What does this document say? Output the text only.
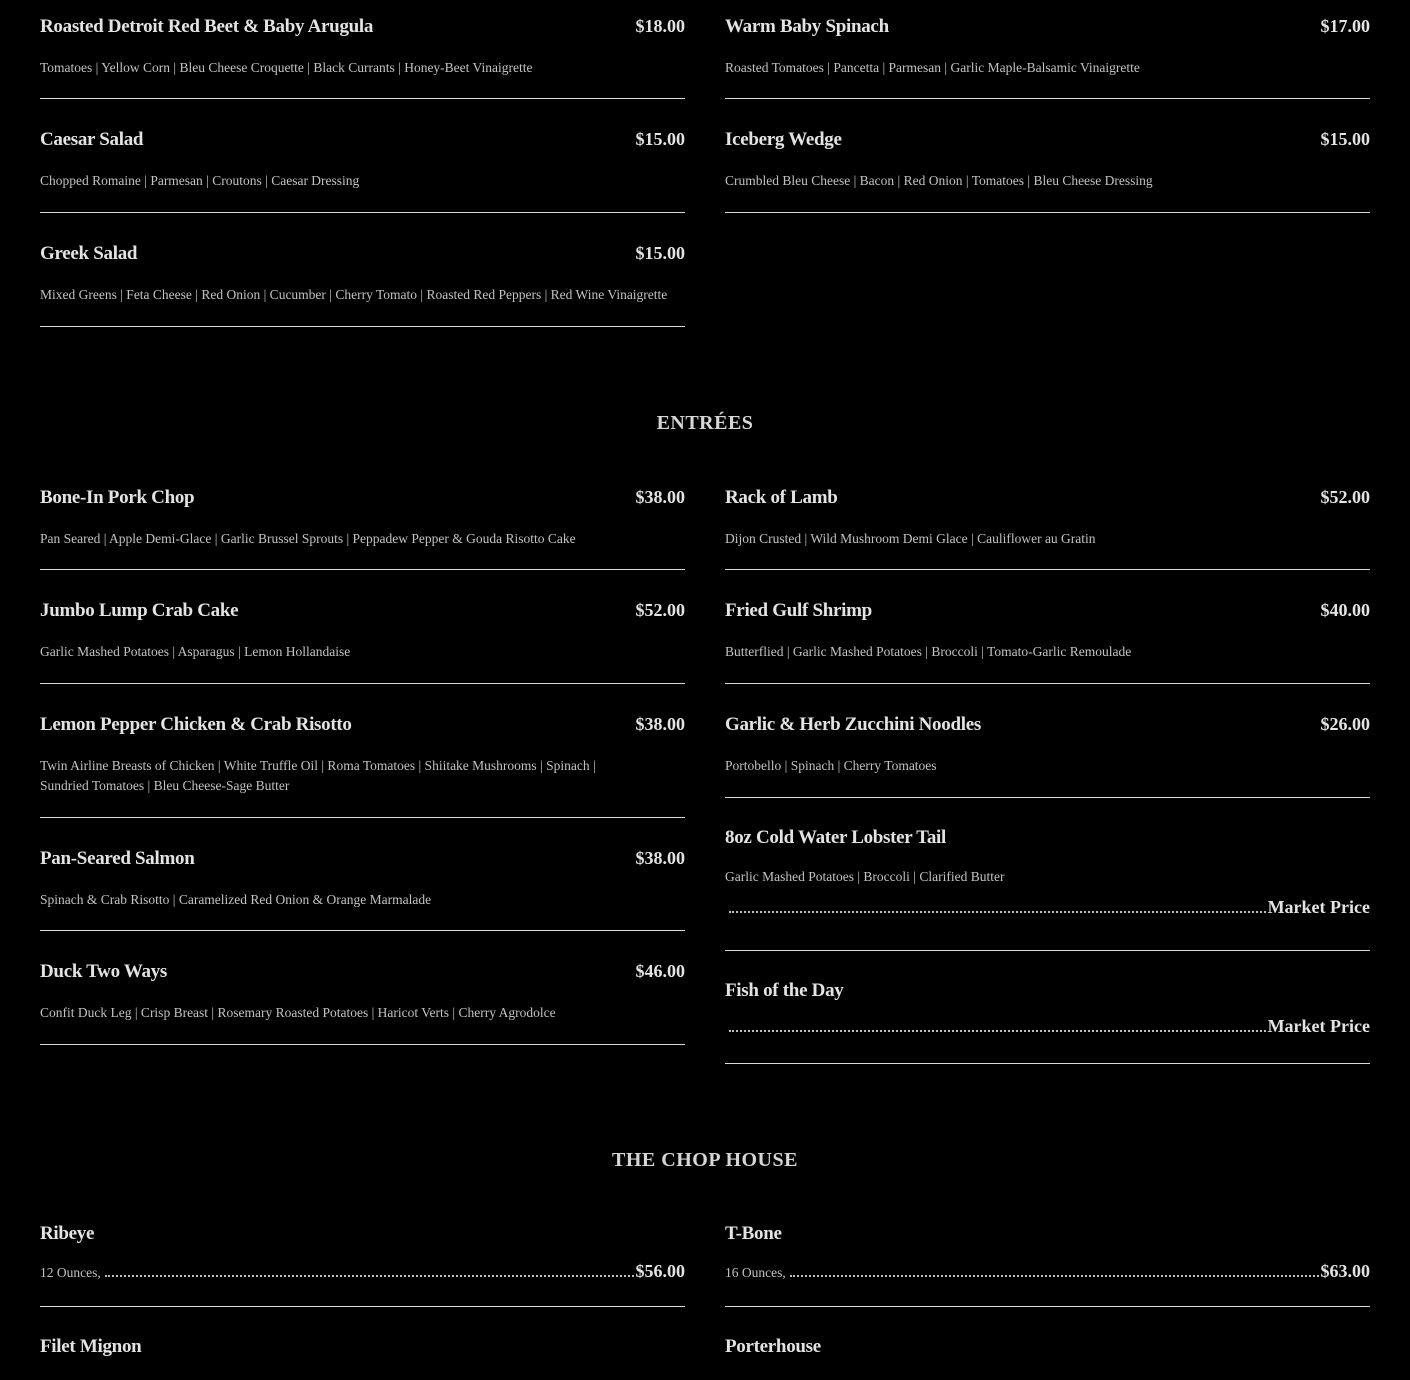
Roasted Detroit Red Beet & Baby Arugula	$18.00
Tomatoes | Yellow Corn | Bleu Cheese Croquette | Black Currants | Honey-Beet Vinaigrette
Warm Baby Spinach	$17.00
Roasted Tomatoes | Pancetta | Parmesan | Garlic Maple-Balsamic Vinaigrette
Caesar Salad	$15.00
Chopped Romaine | Parmesan | Croutons | Caesar Dressing
Iceberg Wedge	$15.00
Crumbled Bleu Cheese | Bacon | Red Onion | Tomatoes | Bleu Cheese Dressing
Greek Salad	$15.00
Mixed Greens | Feta Cheese | Red Onion | Cucumber | Cherry Tomato | Roasted Red Peppers | Red Wine Vinaigrette
ENTRÉES
Bone-In Pork Chop	$38.00
Pan Seared | Apple Demi-Glace | Garlic Brussel Sprouts | Peppadew Pepper & Gouda Risotto Cake
Rack of Lamb	$52.00
Dijon Crusted | Wild Mushroom Demi Glace | Cauliflower au Gratin
Jumbo Lump Crab Cake	$52.00
Garlic Mashed Potatoes | Asparagus | Lemon Hollandaise
Fried Gulf Shrimp	$40.00
Butterflied | Garlic Mashed Potatoes | Broccoli | Tomato-Garlic Remoulade
Lemon Pepper Chicken & Crab Risotto	$38.00
Twin Airline Breasts of Chicken | White Truffle Oil | Roma Tomatoes | Shiitake Mushrooms | Spinach | Sundried Tomatoes | Bleu Cheese-Sage Butter
Garlic & Herb Zucchini Noodles	$26.00
Portobello | Spinach | Cherry Tomatoes
Pan-Seared Salmon	$38.00
Spinach & Crab Risotto | Caramelized Red Onion & Orange Marmalade
8oz Cold Water Lobster Tail
Garlic Mashed Potatoes | Broccoli | Clarified Butter
Market Price
Duck Two Ways	$46.00
Confit Duck Leg | Crisp Breast | Rosemary Roasted Potatoes | Haricot Verts | Cherry Agrodolce
Fish of the Day
Market Price
THE CHOP HOUSE
Ribeye
12 Ounces,	$56.00
T-Bone
16 Ounces,	$63.00
Filet Mignon	Porterhouse
